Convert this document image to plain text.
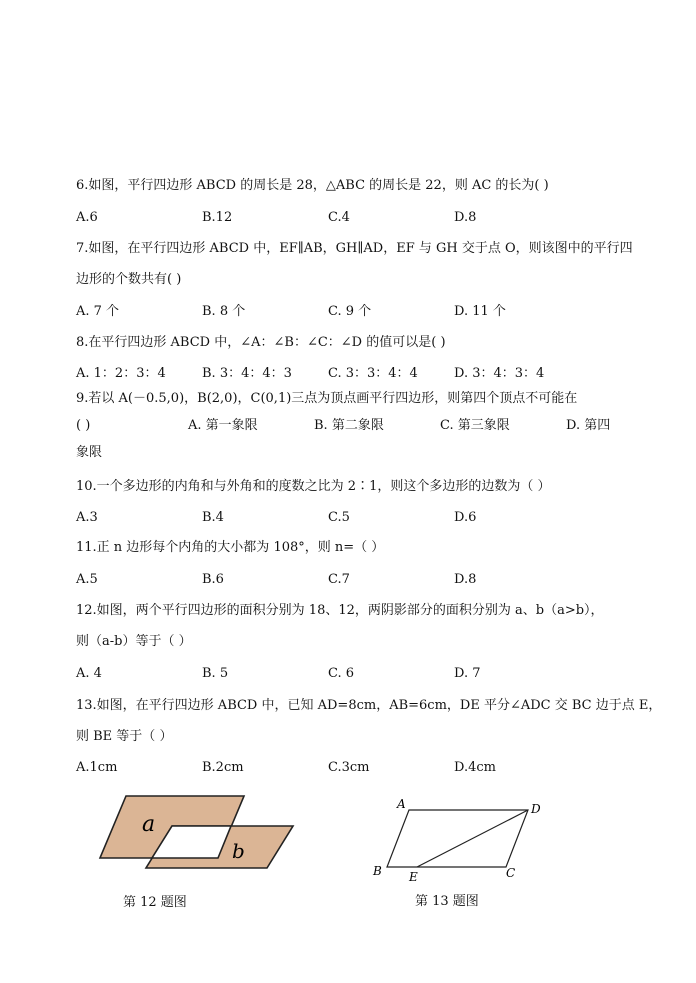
6.如图，平行四边形 ABCD 的周长是 28，△ABC 的周长是 22，则 AC 的长为( )
A.6	B.12	C.4	D.8
7.如图，在平行四边形 ABCD 中，EF∥AB，GH∥AD，EF 与 GH 交于点 O，则该图中的平行四
边形的个数共有( )
A. 7 个	B. 8 个	C. 9 个	D. 11 个
8.在平行四边形 ABCD 中，∠A：∠B：∠C：∠D 的值可以是( )
A. 1：2：3：4	B. 3：4：4：3	C. 3：3：4：4	D. 3：4：3：4
9.若以 A(－0.5,0)，B(2,0)，C(0,1)三点为顶点画平行四边形，则第四个顶点不可能在
( )	A. 第一象限	B. 第二象限	C. 第三象限	D. 第四
象限
10.一个多边形的内角和与外角和的度数之比为 2∶1，则这个多边形的边数为（ ）
A.3	B.4	C.5	D.6
11.正 n 边形每个内角的大小都为 108°，则 n=（ ）
A.5	B.6	C.7	D.8
12.如图，两个平行四边形的面积分别为 18、12，两阴影部分的面积分别为 a、b（a>b），
则（a-b）等于（ ）
A. 4	B. 5	C. 6	D. 7
13.如图，在平行四边形 ABCD 中，已知 AD=8cm，AB=6cm，DE 平分∠ADC 交 BC 边于点 E，
则 BE 等于（ ）
A.1cm	B.2cm	C.3cm	D.4cm
a
b
第 12 题图
A	D
B E	C
第 13 题图
